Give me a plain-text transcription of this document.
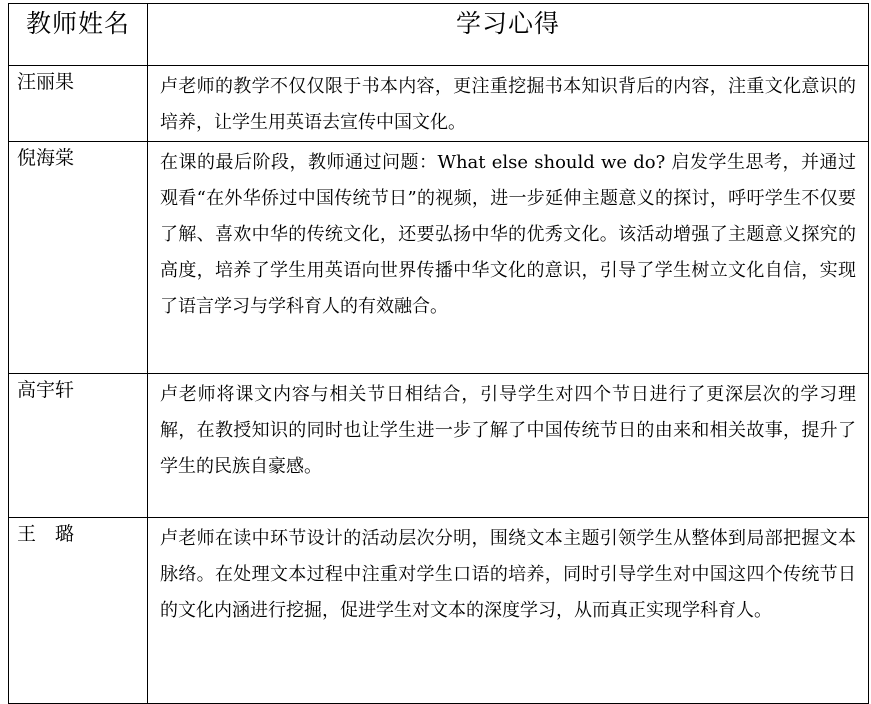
教师姓名	学习心得
汪丽果	卢老师的教学不仅仅限于书本内容，更注重挖掘书本知识背后的内容，注重文化意识的培养，让学生用英语去宣传中国文化。
倪海棠	在课的最后阶段，教师通过问题：What else should we do? 启发学生思考，并通过观看“在外华侨过中国传统节日”的视频，进一步延伸主题意义的探讨，呼吁学生不仅要了解、喜欢中华的传统文化，还要弘扬中华的优秀文化。该活动增强了主题意义探究的高度，培养了学生用英语向世界传播中华文化的意识，引导了学生树立文化自信，实现了语言学习与学科育人的有效融合。
高宇轩	卢老师将课文内容与相关节日相结合，引导学生对四个节日进行了更深层次的学习理解，在教授知识的同时也让学生进一步了解了中国传统节日的由来和相关故事，提升了学生的民族自豪感。
王　璐	卢老师在读中环节设计的活动层次分明，围绕文本主题引领学生从整体到局部把握文本脉络。在处理文本过程中注重对学生口语的培养，同时引导学生对中国这四个传统节日的文化内涵进行挖掘，促进学生对文本的深度学习，从而真正实现学科育人。
